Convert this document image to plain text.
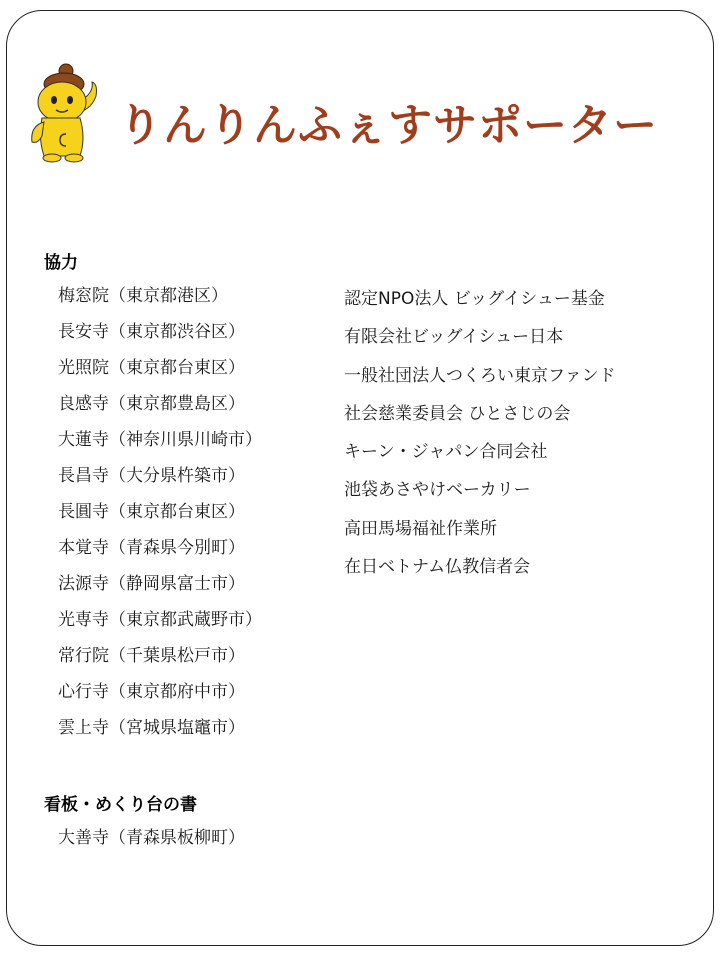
りんりんふぇすサポーター
協力
梅窓院（東京都港区）
長安寺（東京都渋谷区）
光照院（東京都台東区）
良感寺（東京都豊島区）
大蓮寺（神奈川県川崎市）
長昌寺（大分県杵築市）
長圓寺（東京都台東区）
本覚寺（青森県今別町）
法源寺（静岡県富士市）
光専寺（東京都武蔵野市）
常行院（千葉県松戸市）
心行寺（東京都府中市）
雲上寺（宮城県塩竈市）
認定NPO法人 ビッグイシュー基金
有限会社ビッグイシュー日本
一般社団法人つくろい東京ファンド
社会慈業委員会 ひとさじの会
キーン・ジャパン合同会社
池袋あさやけベーカリー
高田馬場福祉作業所
在日ベトナム仏教信者会
看板・めくり台の書
大善寺（青森県板柳町）
